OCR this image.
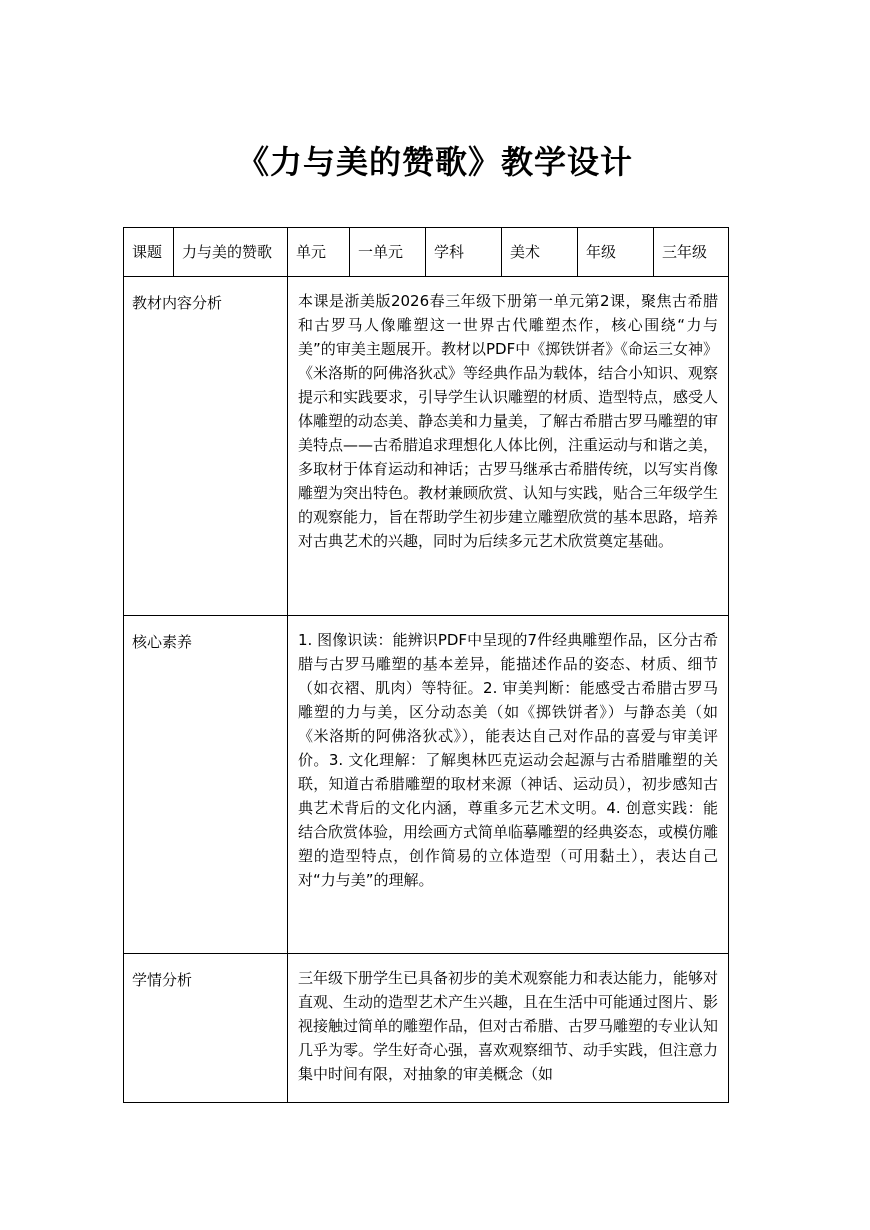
《力与美的赞歌》教学设计
课题	力与美的赞歌	单元	一单元	学科	美术	年级	三年级
教材内容分析		本课是浙美版2026春三年级下册第一单元第2课，聚焦古希腊和古罗马人像雕塑这一世界古代雕塑杰作，核心围绕“力与美”的审美主题展开。教材以PDF中《掷铁饼者》《命运三女神》《米洛斯的阿佛洛狄忒》等经典作品为载体，结合小知识、观察提示和实践要求，引导学生认识雕塑的材质、造型特点，感受人体雕塑的动态美、静态美和力量美，了解古希腊古罗马雕塑的审美特点——古希腊追求理想化人体比例，注重运动与和谐之美，多取材于体育运动和神话；古罗马继承古希腊传统，以写实肖像雕塑为突出特色。教材兼顾欣赏、认知与实践，贴合三年级学生的观察能力，旨在帮助学生初步建立雕塑欣赏的基本思路，培养对古典艺术的兴趣，同时为后续多元艺术欣赏奠定基础。					
核心素养		1. 图像识读：能辨识PDF中呈现的7件经典雕塑作品，区分古希腊与古罗马雕塑的基本差异，能描述作品的姿态、材质、细节（如衣褶、肌肉）等特征。2. 审美判断：能感受古希腊古罗马雕塑的力与美，区分动态美（如《掷铁饼者》）与静态美（如《米洛斯的阿佛洛狄忒》），能表达自己对作品的喜爱与审美评价。3. 文化理解：了解奥林匹克运动会起源与古希腊雕塑的关联，知道古希腊雕塑的取材来源（神话、运动员），初步感知古典艺术背后的文化内涵，尊重多元艺术文明。4. 创意实践：能结合欣赏体验，用绘画方式简单临摹雕塑的经典姿态，或模仿雕塑的造型特点，创作简易的立体造型（可用黏土），表达自己对“力与美”的理解。					
学情分析		三年级下册学生已具备初步的美术观察能力和表达能力，能够对直观、生动的造型艺术产生兴趣，且在生活中可能通过图片、影视接触过简单的雕塑作品，但对古希腊、古罗马雕塑的专业认知几乎为零。学生好奇心强，喜欢观察细节、动手实践，但注意力集中时间有限，对抽象的审美概念（如					
